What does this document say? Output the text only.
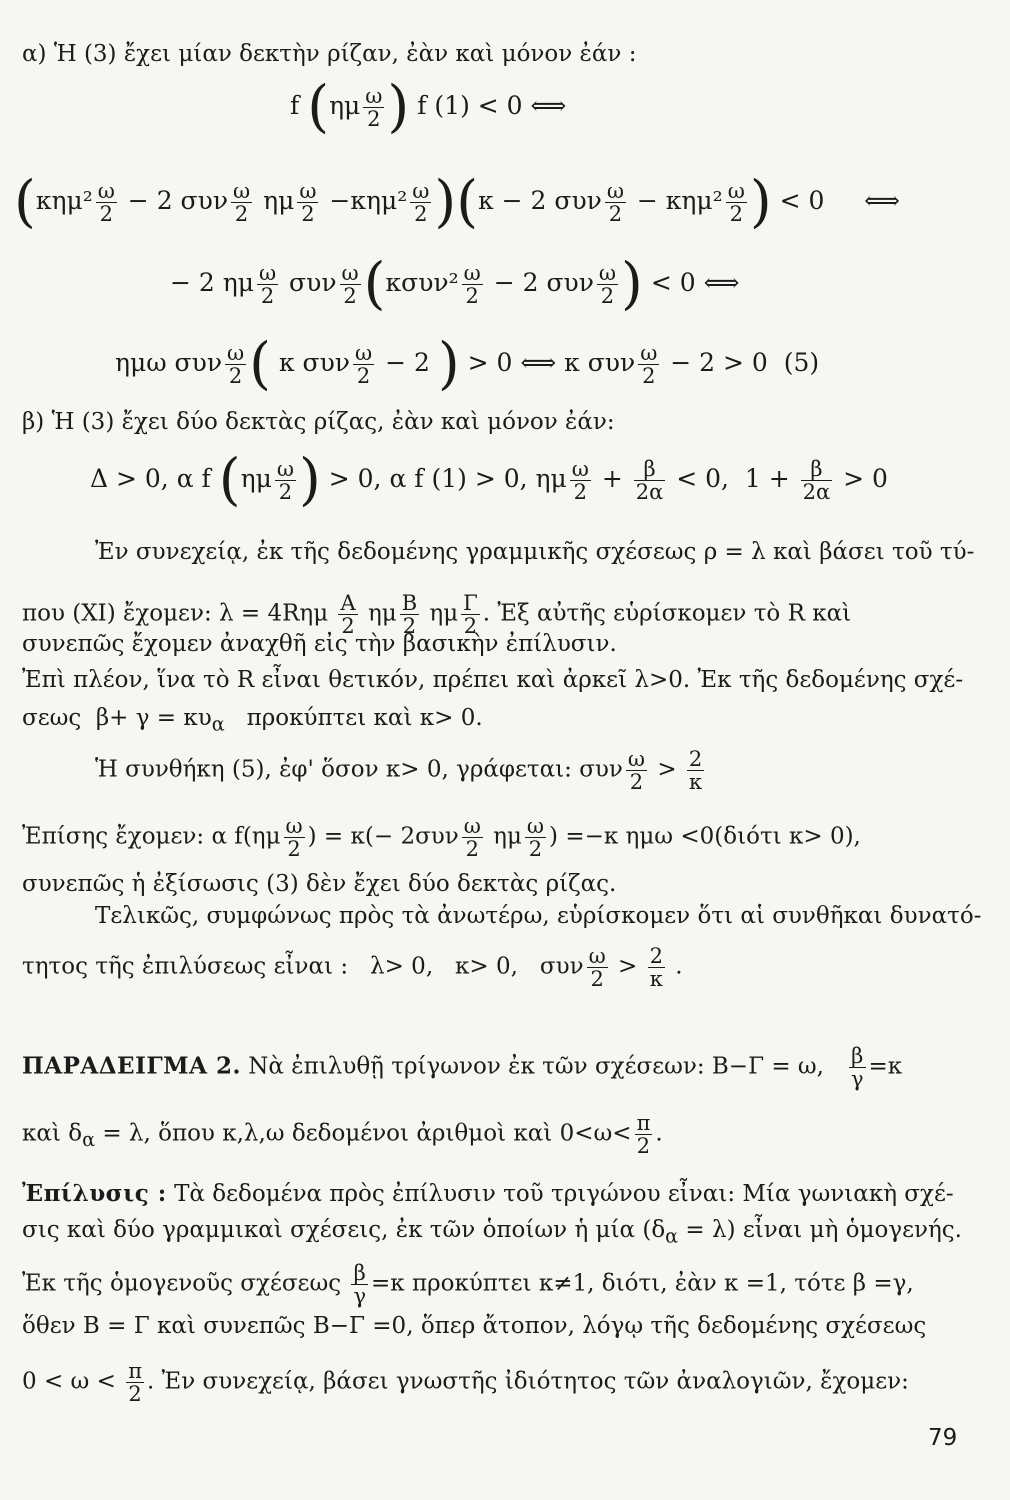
α) Ἡ (3) ἔχει μίαν δεκτὴν ρίζαν, ἐὰν καὶ μόνον ἐάν :
f ($\eta\mu \frac{\omega}{2}$ ) f (1) < 0 ⟺
($\kappa\eta\mu^2 \frac{\omega}{2} - 2$ συν $\frac{\omega}{2}$ ημ $\frac{\omega}{2} -\kappa\eta\mu^2 \frac{\omega}{2} )(\kappa - 2$ συν $\frac{\omega}{2} - \kappa\eta\mu^2 \frac{\omega}{2}$ ) < 0     ⟺
− 2 ημ $\frac{\omega}{2}$ συν $\frac{\omega}{2} (\kappa\sigma\upsilon\nu^2 \frac{\omega}{2} - 2$ συν $\frac{\omega}{2}$ ) < 0 ⟺
ημω συν $\frac{\omega}{2}$ ( κ συν $\frac{\omega}{2} - 2$ ) > 0 ⟺ κ συν $\frac{\omega}{2} - 2 > 0$  (5)
β) Ἡ (3) ἔχει δύο δεκτὰς ρίζας, ἐὰν καὶ μόνον ἐάν:
Δ > 0, α f ($\eta\mu \frac{\omega}{2}$ ) > 0, α f (1) > 0, ημ $\frac{\omega}{2} + \frac{\beta}{2\alpha} < 0$,  $1 + \frac{\beta}{2\alpha} > 0$
Ἐν συνεχείᾳ, ἐκ τῆς δεδομένης γραμμικῆς σχέσεως ρ = λ καὶ βάσει τοῦ τύ-
που (XI) ἔχομεν: $\lambda = 4R\eta\mu \frac{A}{2}$ ημ $\frac{B}{2}$ ημ $\frac{\Gamma}{2}$ . Ἐξ αὐτῆς εὑρίσκομεν τὸ R καὶ
συνεπῶς ἔχομεν ἀναχθῆ εἰς τὴν βασικὴν ἐπίλυσιν.
Ἐπὶ πλέον, ἵνα τὸ R εἶναι θετικόν, πρέπει καὶ ἀρκεῖ λ>0. Ἐκ τῆς δεδομένης σχέ-
σεως  $\beta+ \gamma = \kappa\upsilon_\alpha$   προκύπτει καὶ κ> 0.
Ἡ συνθήκη (5), ἐφ' ὅσον κ> 0, γράφεται: συν $\frac{\omega}{2} > \frac{2}{\kappa}$
Ἐπίσης ἔχομεν: α $f(\eta\mu \frac{\omega}{2}$ ) = $\kappa(- 2\sigma\upsilon\nu \frac{\omega}{2}$ ημ $\frac{\omega}{2}$ ) =−κ ημω <0(διότι κ> 0),
συνεπῶς ἡ ἐξίσωσις (3) δὲν ἔχει δύο δεκτὰς ρίζας.
Τελικῶς, συμφώνως πρὸς τὰ ἀνωτέρω, εὑρίσκομεν ὅτι αἱ συνθῆκαι δυνατό-
τητος τῆς ἐπιλύσεως εἶναι :   λ> 0,   κ> 0,   συν $\frac{\omega}{2} > \frac{2}{\kappa}$ .
ΠΑΡΑΔΕΙΓΜΑ 2. Νὰ ἐπιλυθῇ τρίγωνον ἐκ τῶν σχέσεων: Β−Γ = ω, $\frac{\beta}{\gamma} =\kappa$
καὶ $\delta_\alpha = \lambda$, ὅπου κ,λ,ω δεδομένοι ἀριθμοὶ καὶ $0<\omega< \frac{\pi}{2}$ .
Ἐπίλυσις : Τὰ δεδομένα πρὸς ἐπίλυσιν τοῦ τριγώνου εἶναι: Μία γωνιακὴ σχέ-
σις καὶ δύο γραμμικαὶ σχέσεις, ἐκ τῶν ὁποίων ἡ μία $(\delta_\alpha = \lambda)$ εἶναι μὴ ὁμογενής.
Ἐκ τῆς ὁμογενοῦς σχέσεως $\frac{\beta}{\gamma} =\kappa$ προκύπτει κ≠1, διότι, ἐὰν κ =1, τότε β =γ,
ὅθεν Β = Γ καὶ συνεπῶς Β−Γ =0, ὅπερ ἄτοπον, λόγῳ τῆς δεδομένης σχέσεως
$0 < \omega < \frac{\pi}{2}$ . Ἐν συνεχείᾳ, βάσει γνωστῆς ἰδιότητος τῶν ἀναλογιῶν, ἔχομεν:
79
